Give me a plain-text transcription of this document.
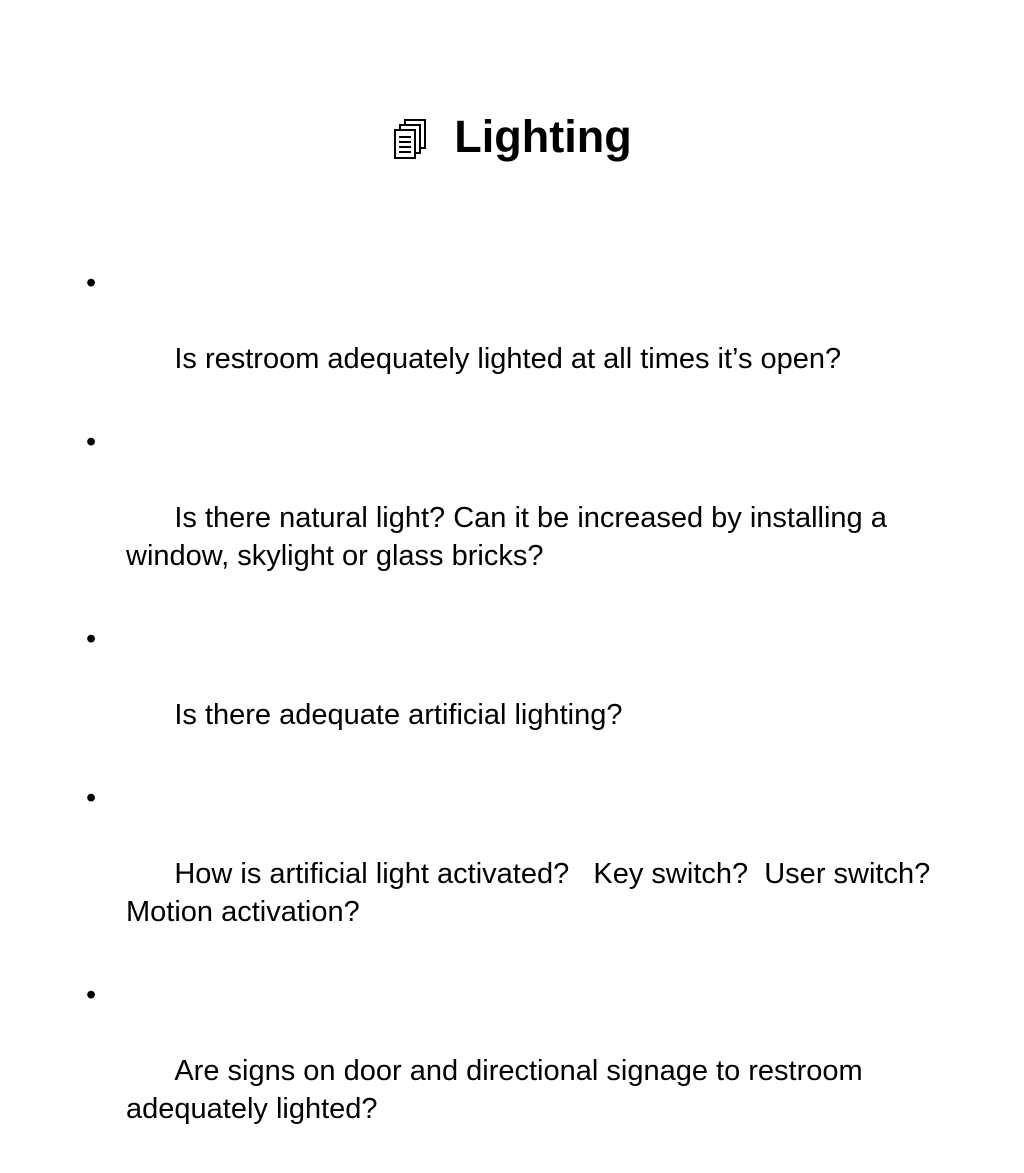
Lighting

•

Is restroom adequately lighted at all times it’s open?

•

Is there natural light? Can it be increased by installing a window, skylight or glass bricks?

•

Is there adequate artificial lighting?

•

How is artificial light activated?   Key switch?  User switch?  Motion activation?

•

Are signs on door and directional signage to restroom adequately lighted?
